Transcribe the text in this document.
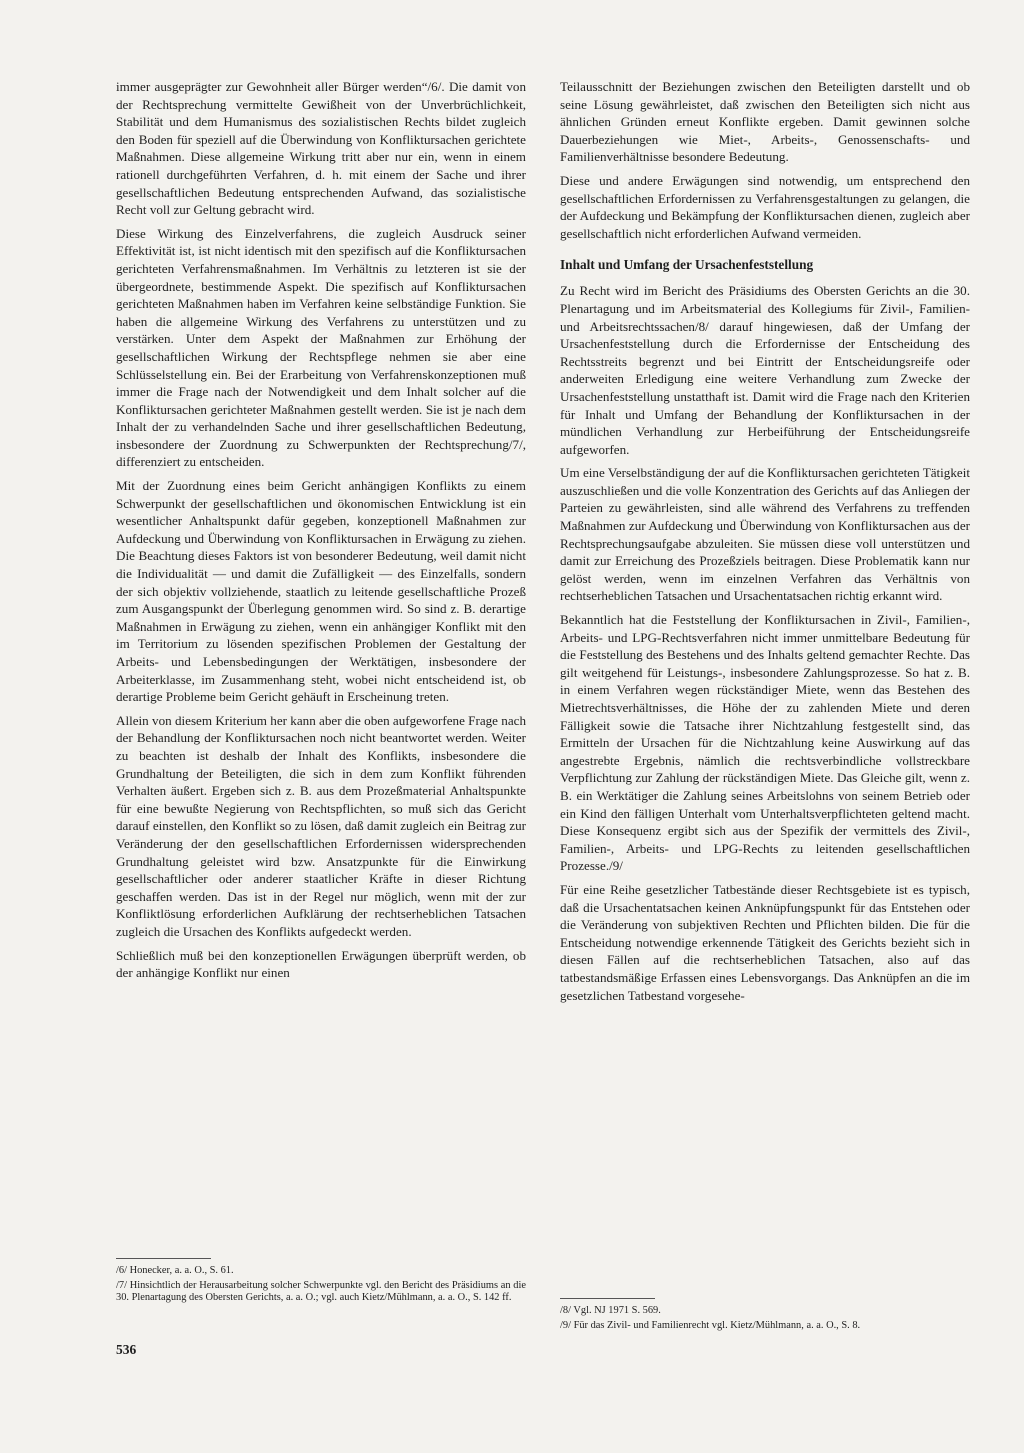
immer ausgeprägter zur Gewohnheit aller Bürger werden“/6/. Die damit von der Rechtsprechung vermittelte Gewißheit von der Unverbrüchlichkeit, Stabilität und dem Humanismus des sozialistischen Rechts bildet zugleich den Boden für speziell auf die Überwindung von Konfliktursachen gerichtete Maßnahmen. Diese allgemeine Wirkung tritt aber nur ein, wenn in einem rationell durchgeführten Verfahren, d. h. mit einem der Sache und ihrer gesellschaftlichen Bedeutung entsprechenden Aufwand, das sozialistische Recht voll zur Geltung gebracht wird.

Diese Wirkung des Einzelverfahrens, die zugleich Ausdruck seiner Effektivität ist, ist nicht identisch mit den spezifisch auf die Konfliktursachen gerichteten Verfahrensmaßnahmen. Im Verhältnis zu letzteren ist sie der übergeordnete, bestimmende Aspekt. Die spezifisch auf Konfliktursachen gerichteten Maßnahmen haben im Verfahren keine selbständige Funktion. Sie haben die allgemeine Wirkung des Verfahrens zu unterstützen und zu verstärken. Unter dem Aspekt der Maßnahmen zur Erhöhung der gesellschaftlichen Wirkung der Rechtspflege nehmen sie aber eine Schlüsselstellung ein. Bei der Erarbeitung von Verfahrenskonzeptionen muß immer die Frage nach der Notwendigkeit und dem Inhalt solcher auf die Konfliktursachen gerichteter Maßnahmen gestellt werden. Sie ist je nach dem Inhalt der zu verhandelnden Sache und ihrer gesellschaftlichen Bedeutung, insbesondere der Zuordnung zu Schwerpunkten der Rechtsprechung/7/, differenziert zu entscheiden.

Mit der Zuordnung eines beim Gericht anhängigen Konflikts zu einem Schwerpunkt der gesellschaftlichen und ökonomischen Entwicklung ist ein wesentlicher Anhaltspunkt dafür gegeben, konzeptionell Maßnahmen zur Aufdeckung und Überwindung von Konfliktursachen in Erwägung zu ziehen. Die Beachtung dieses Faktors ist von besonderer Bedeutung, weil damit nicht die Individualität — und damit die Zufälligkeit — des Einzelfalls, sondern der sich objektiv vollziehende, staatlich zu leitende gesellschaftliche Prozeß zum Ausgangspunkt der Überlegung genommen wird. So sind z. B. derartige Maßnahmen in Erwägung zu ziehen, wenn ein anhängiger Konflikt mit den im Territorium zu lösenden spezifischen Problemen der Gestaltung der Arbeits- und Lebensbedingungen der Werktätigen, insbesondere der Arbeiterklasse, im Zusammenhang steht, wobei nicht entscheidend ist, ob derartige Probleme beim Gericht gehäuft in Erscheinung treten.

Allein von diesem Kriterium her kann aber die oben aufgeworfene Frage nach der Behandlung der Konfliktursachen noch nicht beantwortet werden. Weiter zu beachten ist deshalb der Inhalt des Konflikts, insbesondere die Grundhaltung der Beteiligten, die sich in dem zum Konflikt führenden Verhalten äußert. Ergeben sich z. B. aus dem Prozeßmaterial Anhaltspunkte für eine bewußte Negierung von Rechtspflichten, so muß sich das Gericht darauf einstellen, den Konflikt so zu lösen, daß damit zugleich ein Beitrag zur Veränderung der den gesellschaftlichen Erfordernissen widersprechenden Grundhaltung geleistet wird bzw. Ansatzpunkte für die Einwirkung gesellschaftlicher oder anderer staatlicher Kräfte in dieser Richtung geschaffen werden. Das ist in der Regel nur möglich, wenn mit der zur Konfliktlösung erforderlichen Aufklärung der rechtserheblichen Tatsachen zugleich die Ursachen des Konflikts aufgedeckt werden.

Schließlich muß bei den konzeptionellen Erwägungen überprüft werden, ob der anhängige Konflikt nur einen

Teilausschnitt der Beziehungen zwischen den Beteiligten darstellt und ob seine Lösung gewährleistet, daß zwischen den Beteiligten sich nicht aus ähnlichen Gründen erneut Konflikte ergeben. Damit gewinnen solche Dauerbeziehungen wie Miet-, Arbeits-, Genossenschafts- und Familienverhältnisse besondere Bedeutung.

Diese und andere Erwägungen sind notwendig, um entsprechend den gesellschaftlichen Erfordernissen zu Verfahrensgestaltungen zu gelangen, die der Aufdeckung und Bekämpfung der Konfliktursachen dienen, zugleich aber gesellschaftlich nicht erforderlichen Aufwand vermeiden.

Inhalt und Umfang der Ursachenfeststellung

Zu Recht wird im Bericht des Präsidiums des Obersten Gerichts an die 30. Plenartagung und im Arbeitsmaterial des Kollegiums für Zivil-, Familien- und Arbeitsrechtssachen/8/ darauf hingewiesen, daß der Umfang der Ursachenfeststellung durch die Erfordernisse der Entscheidung des Rechtsstreits begrenzt und bei Eintritt der Entscheidungsreife oder anderweiten Erledigung eine weitere Verhandlung zum Zwecke der Ursachenfeststellung unstatthaft ist. Damit wird die Frage nach den Kriterien für Inhalt und Umfang der Behandlung der Konfliktursachen in der mündlichen Verhandlung zur Herbeiführung der Entscheidungsreife aufgeworfen.

Um eine Verselbständigung der auf die Konfliktursachen gerichteten Tätigkeit auszuschließen und die volle Konzentration des Gerichts auf das Anliegen der Parteien zu gewährleisten, sind alle während des Verfahrens zu treffenden Maßnahmen zur Aufdeckung und Überwindung von Konfliktursachen aus der Rechtsprechungsaufgabe abzuleiten. Sie müssen diese voll unterstützen und damit zur Erreichung des Prozeßziels beitragen. Diese Problematik kann nur gelöst werden, wenn im einzelnen Verfahren das Verhältnis von rechtserheblichen Tatsachen und Ursachentatsachen richtig erkannt wird.

Bekanntlich hat die Feststellung der Konfliktursachen in Zivil-, Familien-, Arbeits- und LPG-Rechtsverfahren nicht immer unmittelbare Bedeutung für die Feststellung des Bestehens und des Inhalts geltend gemachter Rechte. Das gilt weitgehend für Leistungs-, insbesondere Zahlungsprozesse. So hat z. B. in einem Verfahren wegen rückständiger Miete, wenn das Bestehen des Mietrechtsverhältnisses, die Höhe der zu zahlenden Miete und deren Fälligkeit sowie die Tatsache ihrer Nichtzahlung festgestellt sind, das Ermitteln der Ursachen für die Nichtzahlung keine Auswirkung auf das angestrebte Ergebnis, nämlich die rechtsverbindliche vollstreckbare Verpflichtung zur Zahlung der rückständigen Miete. Das Gleiche gilt, wenn z. B. ein Werktätiger die Zahlung seines Arbeitslohns von seinem Betrieb oder ein Kind den fälligen Unterhalt vom Unterhaltsverpflichteten geltend macht. Diese Konsequenz ergibt sich aus der Spezifik der vermittels des Zivil-, Familien-, Arbeits- und LPG-Rechts zu leitenden gesellschaftlichen Prozesse./9/

Für eine Reihe gesetzlicher Tatbestände dieser Rechtsgebiete ist es typisch, daß die Ursachentatsachen keinen Anknüpfungspunkt für das Entstehen oder die Veränderung von subjektiven Rechten und Pflichten bilden. Die für die Entscheidung notwendige erkennende Tätigkeit des Gerichts bezieht sich in diesen Fällen auf die rechtserheblichen Tatsachen, also auf das tatbestandsmäßige Erfassen eines Lebensvorgangs. Das Anknüpfen an die im gesetzlichen Tatbestand vorgesehe-

/6/ Honecker, a. a. O., S. 61.

/7/ Hinsichtlich der Herausarbeitung solcher Schwerpunkte vgl. den Bericht des Präsidiums an die 30. Plenartagung des Obersten Gerichts, a. a. O.; vgl. auch Kietz/Mühlmann, a. a. O., S. 142 ff.

/8/ Vgl. NJ 1971 S. 569.

/9/ Für das Zivil- und Familienrecht vgl. Kietz/Mühlmann, a. a. O., S. 8.

536
